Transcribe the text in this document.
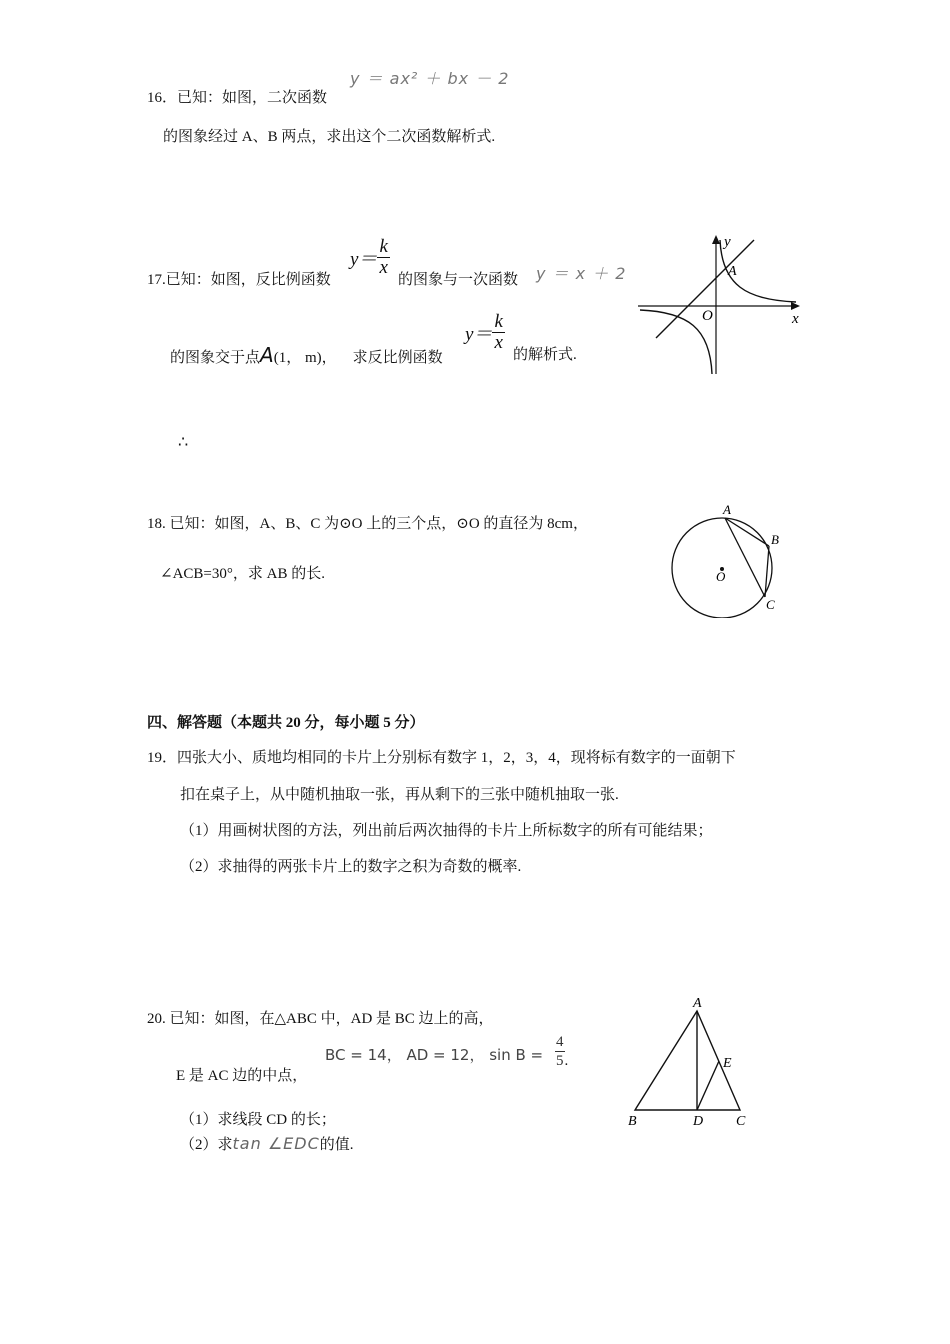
16．已知：如图，二次函数
y ＝ ax² ＋ bx － 2
的图象经过 A、B 两点，求出这个二次函数解析式.
17.已知：如图，反比例函数
$y= \frac{k}{x}$
的图象与一次函数 y ＝ x ＋ 2
的图象交于点A(1， m)， 求反比例函数
$y= \frac{k}{x}$
的解析式.
∴
y
A
O	x
18. 已知：如图，A、B、C 为⊙O 上的三个点，⊙O 的直径为 8cm，
∠ACB=30°，求 AB 的长.
A
B
C
O
四、解答题（本题共 20 分，每小题 5 分）
19．四张大小、质地均相同的卡片上分别标有数字 1，2，3，4，现将标有数字的一面朝下
扣在桌子上，从中随机抽取一张，再从剩下的三张中随机抽取一张.
（1）用画树状图的方法，列出前后两次抽得的卡片上所标数字的所有可能结果；
（2）求抽得的两张卡片上的数字之积为奇数的概率.
20. 已知：如图，在△ABC 中，AD 是 BC 边上的高，
BC = 14， AD = 12， $\sin B = \frac{4}{5}$ .
E 是 AC 边的中点，
（1）求线段 CD 的长；
（2）求tan ∠EDC的值.
A
B	D C
E
